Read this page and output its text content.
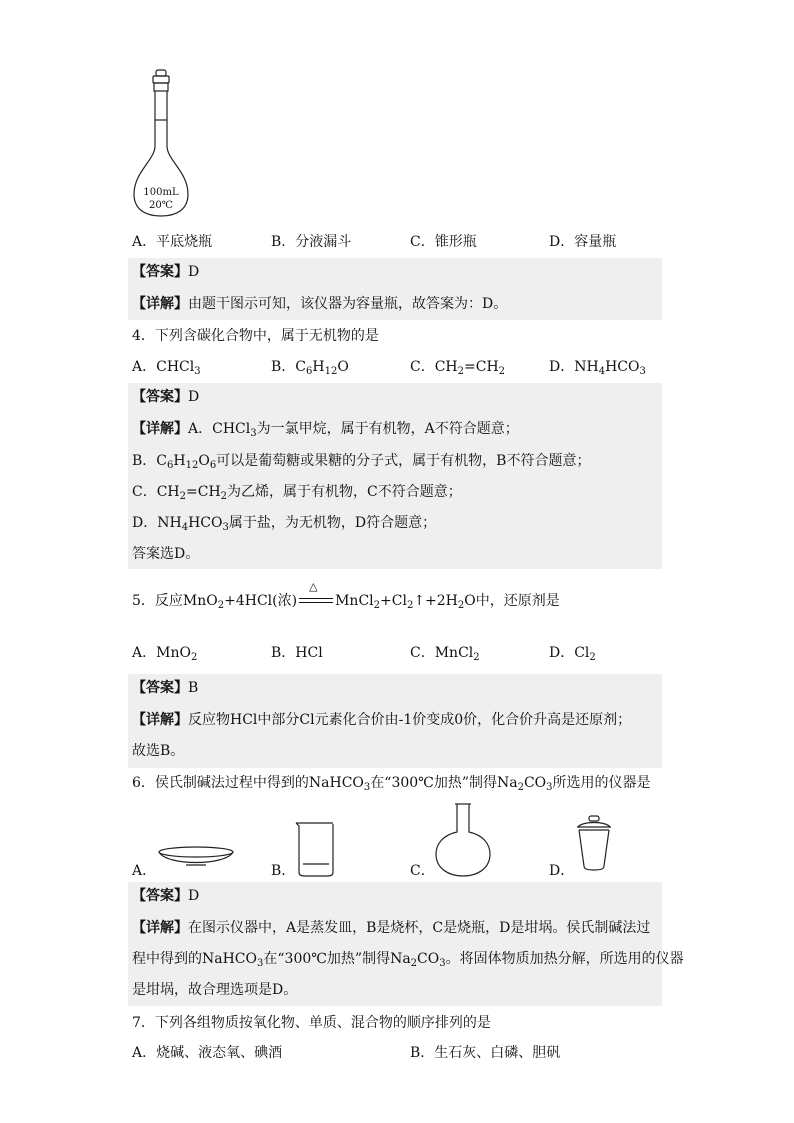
100mL
20℃
A．平底烧瓶	B．分液漏斗	C．锥形瓶	D．容量瓶
【答案】D
【详解】由题干图示可知，该仪器为容量瓶，故答案为：D。
4．下列含碳化合物中，属于无机物的是
A．CHCl$_3$	B．$C_6H_{12}O$	C．$CH_2=CH_2$	D．$NH_4HCO_3$
【答案】D
【详解】A．CHCl$_3$为一氯甲烷，属于有机物，A不符合题意；
B．$C_6H_{12}O_6$可以是葡萄糖或果糖的分子式，属于有机物，B不符合题意；
C．$CH_2=CH_2$为乙烯，属于有机物，C不符合题意；
D．$NH_4HCO_3$属于盐，为无机物，D符合题意；
答案选D。
5．反应MnO$_2$+4HCl(浓)
△
$MnCl_2+Cl_2↑+2H_2O$中，还原剂是
A．MnO$_2$	B．HCl	C．MnCl$_2$	D．$Cl_2$
【答案】B
【详解】反应物HCl中部分Cl元素化合价由-1价变成0价，化合价升高是还原剂；
故选B。
6．侯氏制碱法过程中得到的NaHCO$_3$在“300℃加热”制得$Na_2CO_3$所选用的仪器是
A．	B．	C．	D．
【答案】D
【详解】在图示仪器中，A是蒸发皿，B是烧杯，C是烧瓶，D是坩埚。侯氏制碱法过
程中得到的NaHCO$_3$在“300℃加热”制得$Na_2CO_3$。将固体物质加热分解，所选用的仪器
是坩埚，故合理选项是D。
7．下列各组物质按氧化物、单质、混合物的顺序排列的是
A．烧碱、液态氧、碘酒	B．生石灰、白磷、胆矾
